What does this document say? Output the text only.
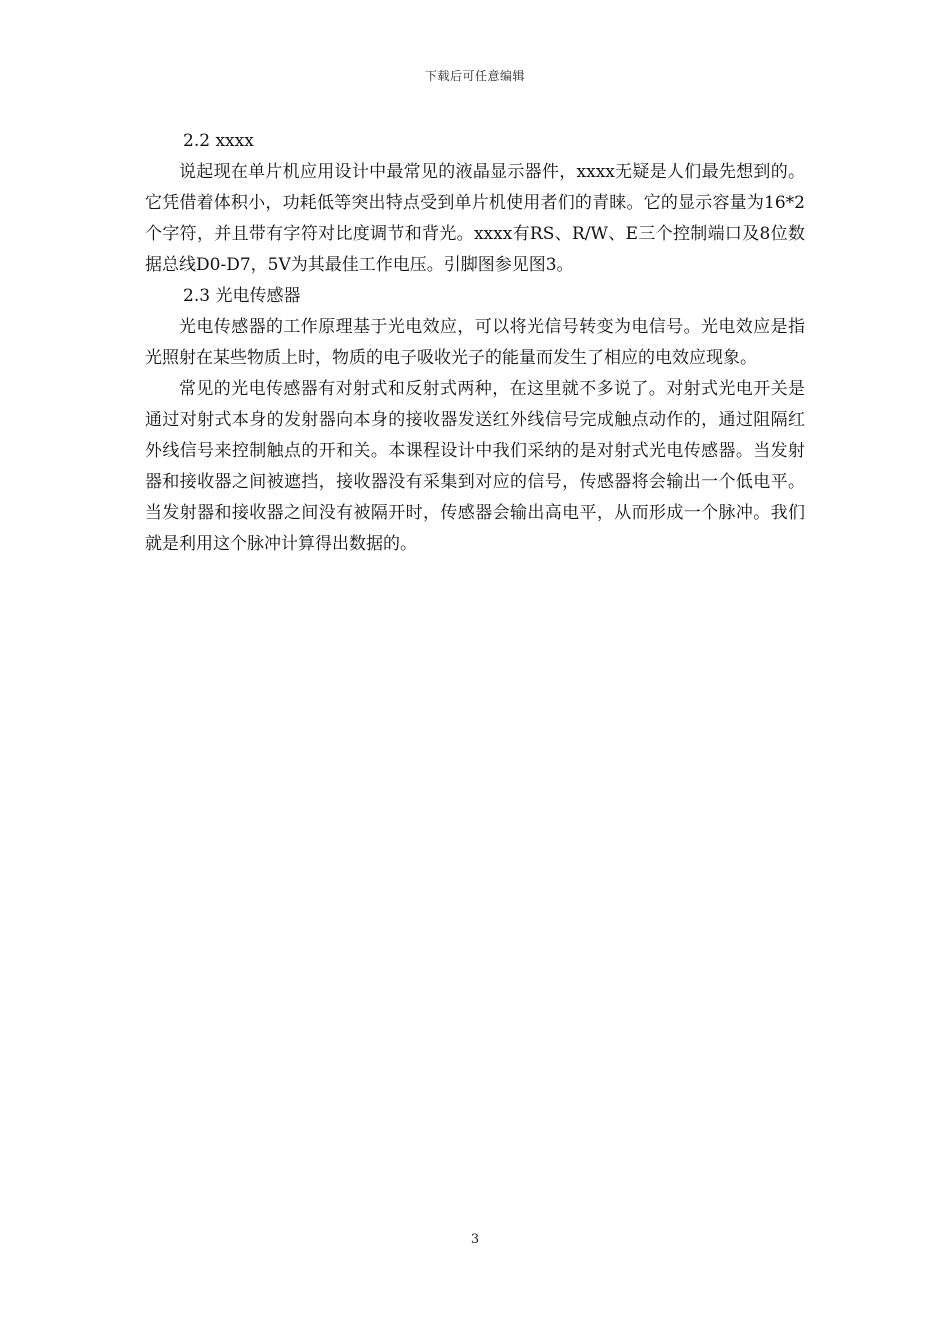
下载后可任意编辑
2.2 xxxx

说起现在单片机应用设计中最常见的液晶显示器件，xxxx无疑是人们最先想到的。它凭借着体积小，功耗低等突出特点受到单片机使用者们的青睐。它的显示容量为16*2个字符，并且带有字符对比度调节和背光。xxxx有RS、R/W、E三个控制端口及8位数据总线D0-D7，5V为其最佳工作电压。引脚图参见图3。

2.3 光电传感器

光电传感器的工作原理基于光电效应，可以将光信号转变为电信号。光电效应是指光照射在某些物质上时，物质的电子吸收光子的能量而发生了相应的电效应现象。

常见的光电传感器有对射式和反射式两种，在这里就不多说了。对射式光电开关是通过对射式本身的发射器向本身的接收器发送红外线信号完成触点动作的，通过阻隔红外线信号来控制触点的开和关。本课程设计中我们采纳的是对射式光电传感器。当发射器和接收器之间被遮挡，接收器没有采集到对应的信号，传感器将会输出一个低电平。当发射器和接收器之间没有被隔开时，传感器会输出高电平，从而形成一个脉冲。我们就是利用这个脉冲计算得出数据的。

3
